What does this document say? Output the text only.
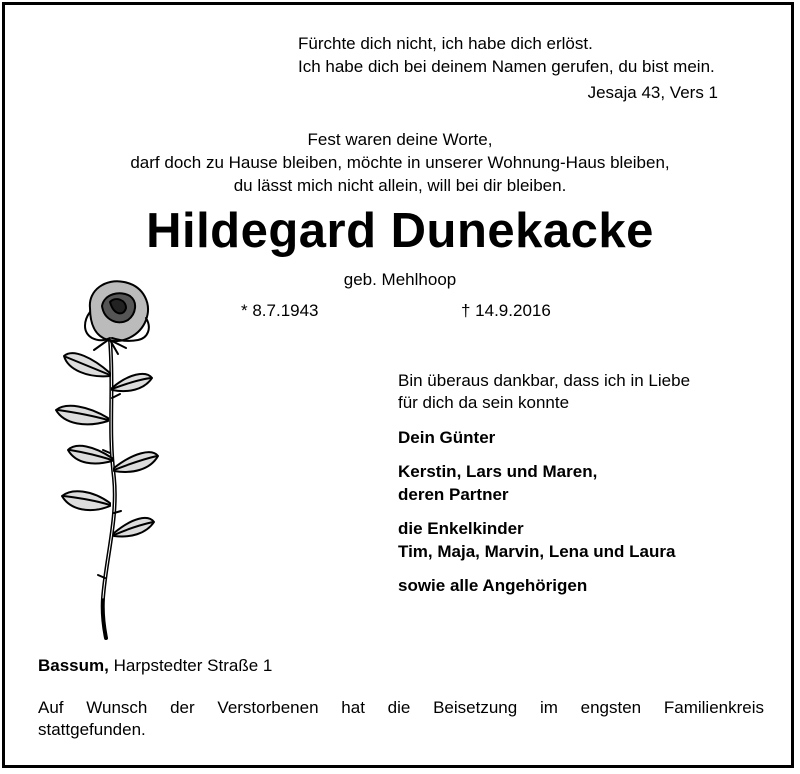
Fürchte dich nicht, ich habe dich erlöst.
Ich habe dich bei deinem Namen gerufen, du bist mein.
Jesaja 43, Vers 1
Fest waren deine Worte,
darf doch zu Hause bleiben, möchte in unserer Wohnung-Haus bleiben,
du lässt mich nicht allein, will bei dir bleiben.
Hildegard Dunekacke
geb. Mehlhoop
* 8.7.1943	† 14.9.2016
Bin überaus dankbar, dass ich in Liebe
für dich da sein konnte
Dein Günter
Kerstin, Lars und Maren,
deren Partner
die Enkelkinder
Tim, Maja, Marvin, Lena und Laura
sowie alle Angehörigen
Bassum, Harpstedter Straße 1
Auf Wunsch der Verstorbenen hat die Beisetzung im engsten Familienkreis
stattgefunden.
